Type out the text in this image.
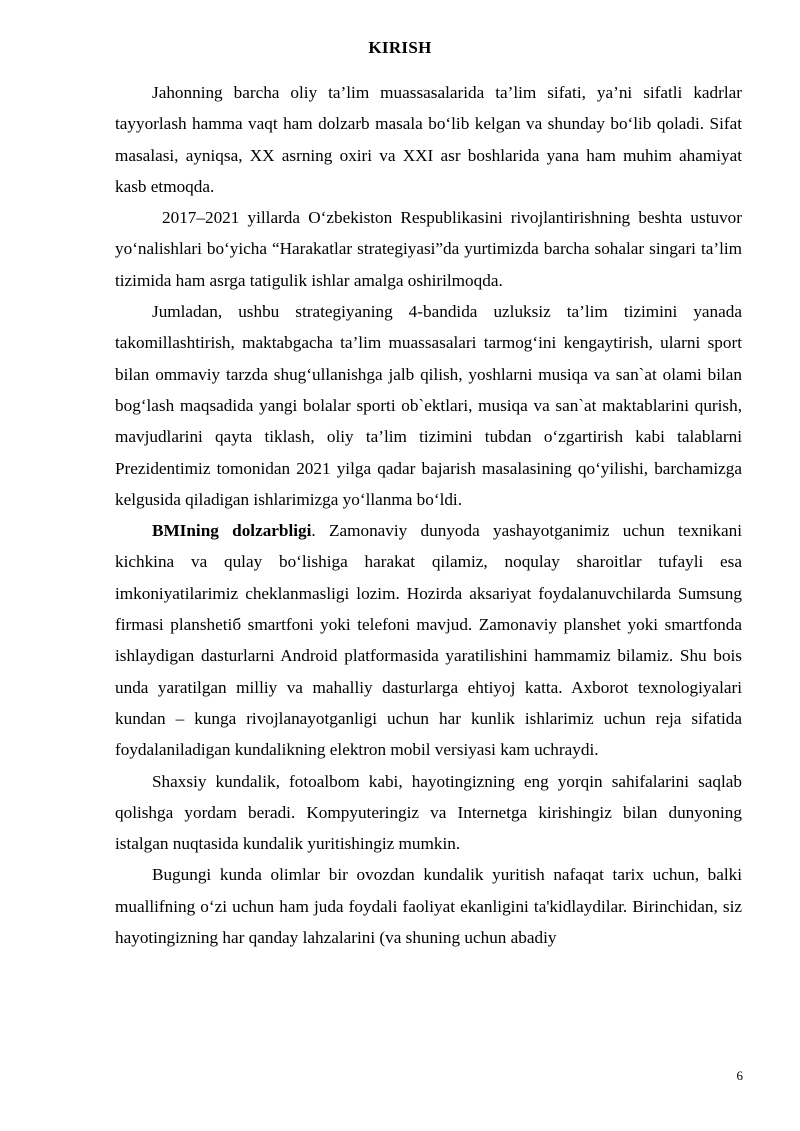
KIRISH

Jahonning barcha oliy ta’lim muassasalarida ta’lim sifati, ya’ni sifatli kadrlar tayyorlash hamma vaqt ham dolzarb masala bo‘lib kelgan va shunday bo‘lib qoladi. Sifat masalasi, ayniqsa, XX asrning oxiri va XXI asr boshlarida yana ham muhim ahamiyat kasb etmoqda.

2017–2021 yillarda O‘zbekiston Respublikasini rivojlantirishning beshta ustuvor yo‘nalishlari bo‘yicha “Harakatlar strategiyasi”da yurtimizda barcha sohalar singari ta’lim tizimida ham asrga tatigulik ishlar amalga oshirilmoqda.

Jumladan, ushbu strategiyaning 4-bandida uzluksiz ta’lim tizimini yanada takomillashtirish, maktabgacha ta’lim muassasalari tarmog‘ini kengaytirish, ularni sport bilan ommaviy tarzda shug‘ullanishga jalb qilish, yoshlarni musiqa va san`at olami bilan bog‘lash maqsadida yangi bolalar sporti ob`ektlari, musiqa va san`at maktablarini qurish, mavjudlarini qayta tiklash, oliy ta’lim tizimini tubdan o‘zgartirish kabi talablarni Prezidentimiz tomonidan 2021 yilga qadar bajarish masalasining qo‘yilishi, barchamizga kelgusida qiladigan ishlarimizga yo‘llanma bo‘ldi.

BMIning dolzarbligi. Zamonaviy dunyoda yashayotganimiz uchun texnikani kichkina va qulay bo‘lishiga harakat qilamiz, noqulay sharoitlar tufayli esa imkoniyatilarimiz cheklanmasligi lozim. Hozirda aksariyat foydalanuvchilarda Sumsung firmasi planshetiб smartfoni yoki telefoni mavjud. Zamonaviy planshet yoki smartfonda ishlaydigan dasturlarni Android platformasida yaratilishini hammamiz bilamiz. Shu bois unda yaratilgan milliy va mahalliy dasturlarga ehtiyoj katta. Axborot texnologiyalari kundan – kunga rivojlanayotganligi uchun har kunlik ishlarimiz uchun reja sifatida foydalaniladigan kundalikning elektron mobil versiyasi kam uchraydi.

Shaxsiy kundalik, fotoalbom kabi, hayotingizning eng yorqin sahifalarini saqlab qolishga yordam beradi. Kompyuteringiz va Internetga kirishingiz bilan dunyoning istalgan nuqtasida kundalik yuritishingiz mumkin.

Bugungi kunda olimlar bir ovozdan kundalik yuritish nafaqat tarix uchun, balki muallifning o‘zi uchun ham juda foydali faoliyat ekanligini ta'kidlaydilar. Birinchidan, siz hayotingizning har qanday lahzalarini (va shuning uchun abadiy

6
